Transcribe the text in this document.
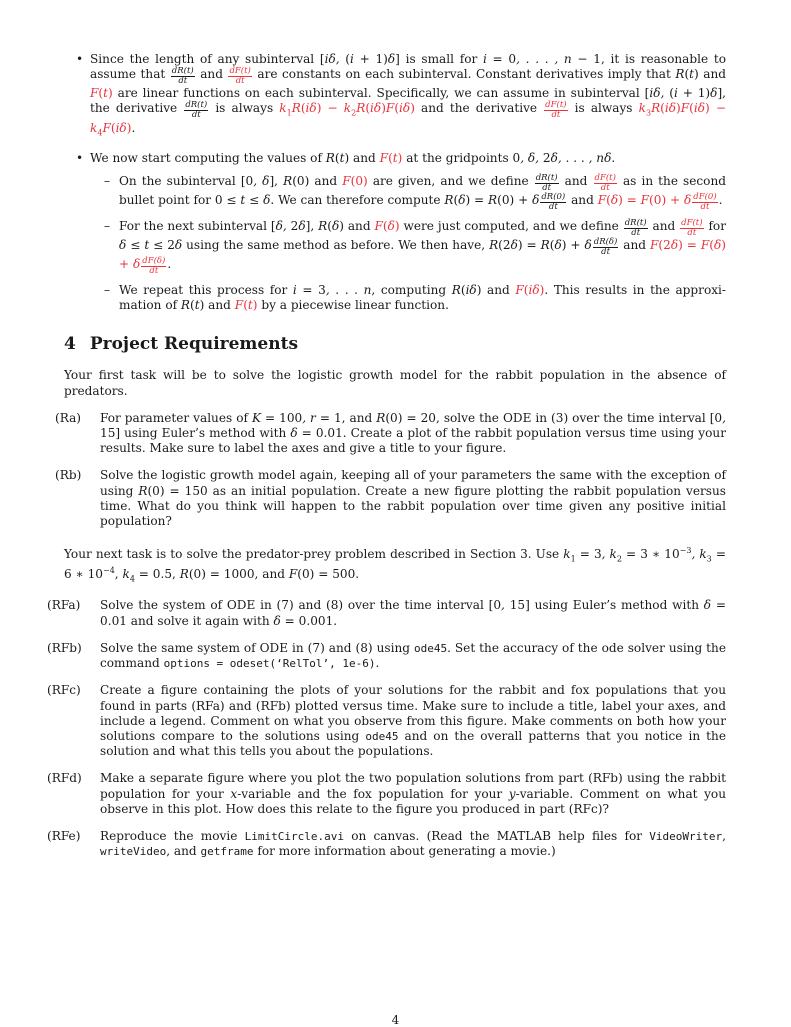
• Since the length of any subinterval [iδ, (i + 1)δ] is small for i = 0, . . . , n − 1, it is reasonable to assume that $\frac{dR(t)}{dt}$ and $\frac{dF(t)}{dt}$ are constants on each subinterval. Constant derivatives imply that R(t) and F(t) are linear functions on each subinterval. Specifically, we can assume in subinterval [iδ, (i + 1)δ], the derivative $\frac{dR(t)}{dt}$ is always $k_1R(i\delta) - k_2R(i\delta)F(i\delta)$ and the derivative $\frac{dF(t)}{dt}$ is always $k_3R(i\delta)F(i\delta) - k_4F(i\delta)$.
• We now start computing the values of R(t) and F(t) at the gridpoints 0, δ, 2δ, . . . , nδ.
– On the subinterval [0, δ], R(0) and F(0) are given, and we define $\frac{dR(t)}{dt}$ and $\frac{dF(t)}{dt}$ as in the second bullet point for 0 ≤ t ≤ δ. We can therefore compute R(δ) = R(0) + δ $\frac{dR(0)}{dt}$ and F(δ) = F(0) + δ $\frac{dF(0)}{dt}$ .
– For the next subinterval [δ, 2δ], R(δ) and F(δ) were just computed, and we define $\frac{dR(t)}{dt}$ and $\frac{dF(t)}{dt}$ for δ ≤ t ≤ 2δ using the same method as before. We then have, R(2δ) = R(δ) + δ $\frac{dR(\delta)}{dt}$ and F(2δ) = F(δ) + δ $\frac{dF(\delta)}{dt}$ .
– We repeat this process for i = 3, . . . n, computing R(iδ) and F(iδ). This results in the approxi- mation of R(t) and F(t) by a piecewise linear function.
4 Project Requirements

Your first task will be to solve the logistic growth model for the rabbit population in the absence of predators.

(Ra) For parameter values of K = 100, r = 1, and R(0) = 20, solve the ODE in (3) over the time interval [0, 15] using Euler’s method with δ = 0.01. Create a plot of the rabbit population versus time using your results. Make sure to label the axes and give a title to your figure.
(Rb) Solve the logistic growth model again, keeping all of your parameters the same with the exception of using R(0) = 150 as an initial population. Create a new figure plotting the rabbit population versus time. What do you think will happen to the rabbit population over time given any positive initial population?

Your next task is to solve the predator-prey problem described in Section 3. Use $k_1 = 3$, $k_2 = 3$ ∗ $10^{-3}$, $k_3 = 6$ ∗ $10^{-4}$, $k_4 = 0.5$, R(0) = 1000, and F(0) = 500.

(RFa) Solve the system of ODE in (7) and (8) over the time interval [0, 15] using Euler’s method with δ = 0.01 and solve it again with δ = 0.001.
(RFb) Solve the same system of ODE in (7) and (8) using ode45. Set the accuracy of the ode solver using the command options = odeset(‘RelTol’, 1e-6).
(RFc) Create a figure containing the plots of your solutions for the rabbit and fox populations that you found in parts (RFa) and (RFb) plotted versus time. Make sure to include a title, label your axes, and include a legend. Comment on what you observe from this figure. Make comments on both how your solutions compare to the solutions using ode45 and on the overall patterns that you notice in the solution and what this tells you about the populations.
(RFd) Make a separate figure where you plot the two population solutions from part (RFb) using the rabbit population for your x-variable and the fox population for your y-variable. Comment on what you observe in this plot. How does this relate to the figure you produced in part (RFc)?
(RFe) Reproduce the movie LimitCircle.avi on canvas. (Read the MATLAB help files for VideoWriter, writeVideo, and getframe for more information about generating a movie.)
4
